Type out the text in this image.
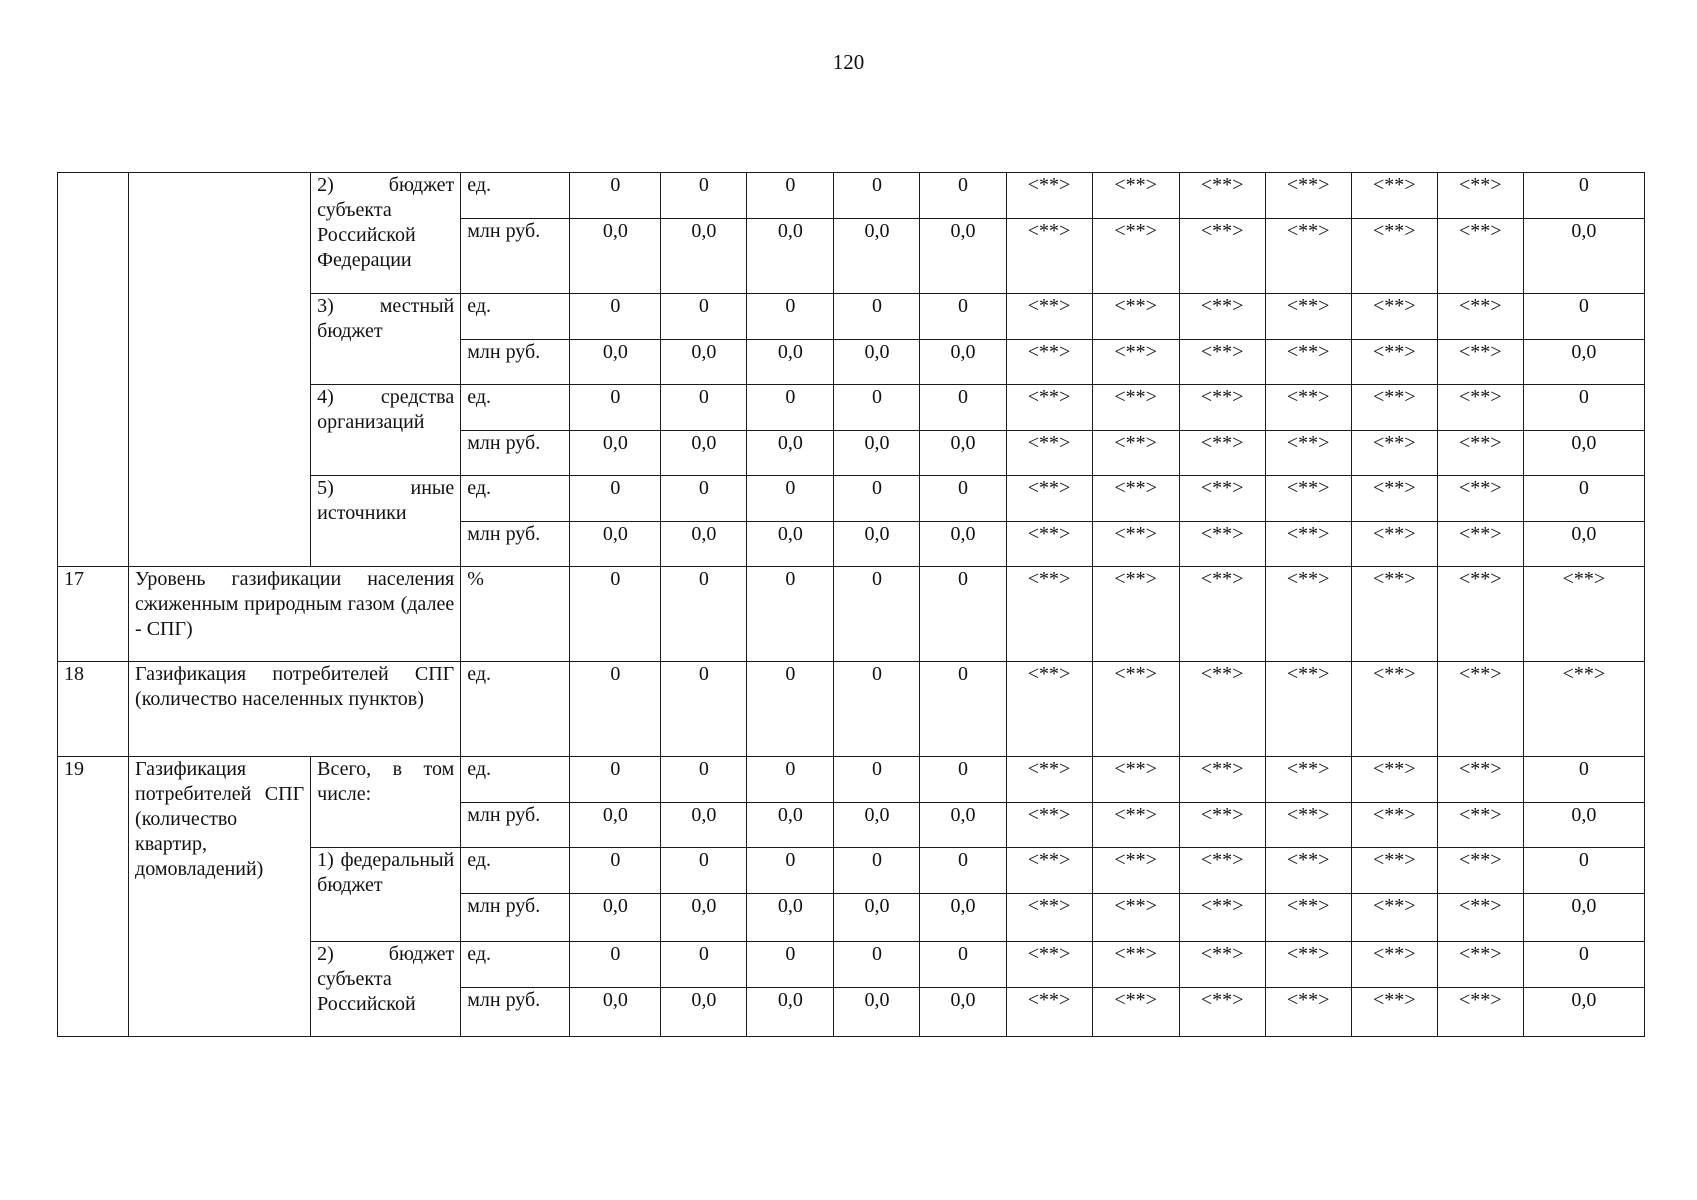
120
		2) бюджет субъекта Российской Федерации	ед.	0	0	0	0	0	<**>	<**>	<**>	<**>	<**>	<**>	0
			млн руб.	0,0	0,0	0,0	0,0	0,0	<**>	<**>	<**>	<**>	<**>	<**>	0,0
		3) местный бюджет	ед.	0	0	0	0	0	<**>	<**>	<**>	<**>	<**>	<**>	0
			млн руб.	0,0	0,0	0,0	0,0	0,0	<**>	<**>	<**>	<**>	<**>	<**>	0,0
		4) средства организаций	ед.	0	0	0	0	0	<**>	<**>	<**>	<**>	<**>	<**>	0
			млн руб.	0,0	0,0	0,0	0,0	0,0	<**>	<**>	<**>	<**>	<**>	<**>	0,0
		5) иные источники	ед.	0	0	0	0	0	<**>	<**>	<**>	<**>	<**>	<**>	0
			млн руб.	0,0	0,0	0,0	0,0	0,0	<**>	<**>	<**>	<**>	<**>	<**>	0,0
17	Уровень газификации населения сжиженным природным газом (далее - СПГ)		%	0	0	0	0	0	<**>	<**>	<**>	<**>	<**>	<**>	<**>
18	Газификация потребителей СПГ (количество населенных пунктов)		ед.	0	0	0	0	0	<**>	<**>	<**>	<**>	<**>	<**>	<**>
19	Газификация потребителей СПГ (количество квартир, домовладений)	Всего, в том числе:	ед.	0	0	0	0	0	<**>	<**>	<**>	<**>	<**>	<**>	0
			млн руб.	0,0	0,0	0,0	0,0	0,0	<**>	<**>	<**>	<**>	<**>	<**>	0,0
		1) федеральный бюджет	ед.	0	0	0	0	0	<**>	<**>	<**>	<**>	<**>	<**>	0
			млн руб.	0,0	0,0	0,0	0,0	0,0	<**>	<**>	<**>	<**>	<**>	<**>	0,0
		2) бюджет субъекта Российской	ед.	0	0	0	0	0	<**>	<**>	<**>	<**>	<**>	<**>	0
			млн руб.	0,0	0,0	0,0	0,0	0,0	<**>	<**>	<**>	<**>	<**>	<**>	0,0
